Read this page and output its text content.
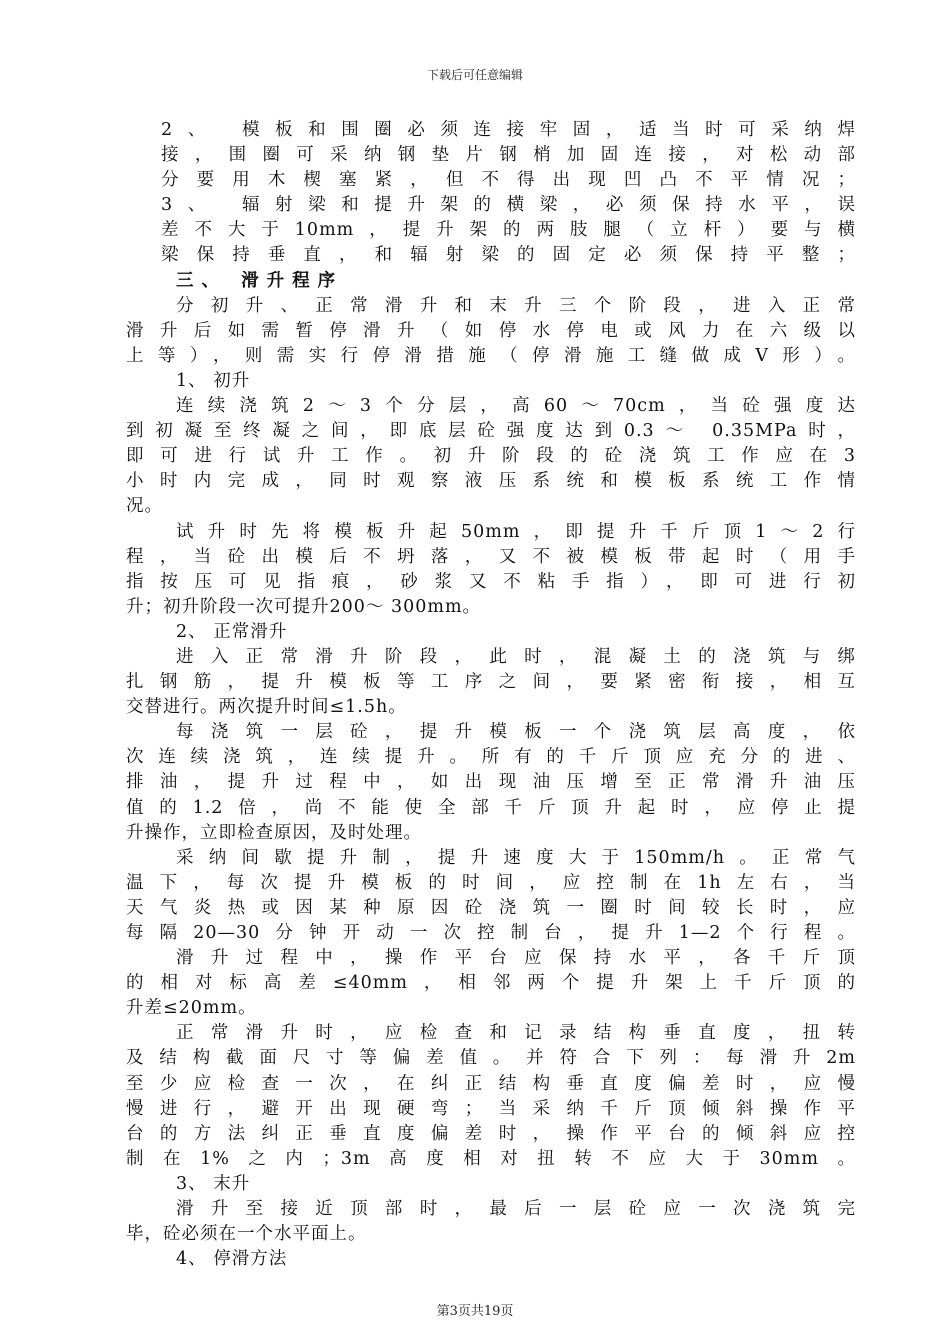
下载后可任意编辑
2、 模板和围圈必须连接牢固，适当时可采纳焊
接，围圈可采纳钢垫片钢梢加固连接，对松动部
分要用木楔塞紧，但不得出现凹凸不平情况；
3、 辐射梁和提升架的横梁，必须保持水平，误
差不大于10mm，提升架的两肢腿（立杆）要与横
梁保持垂直，和辐射梁的固定必须保持平整；
三、 滑升程序
分初升、正常滑升和末升三个阶段，进入正常
滑升后如需暂停滑升（如停水停电或风力在六级以
上等），则需实行停滑措施（停滑施工缝做成V形）。
1、 初升
连续浇筑2～3个分层，高60～70cm，当砼强度达
到初凝至终凝之间，即底层砼强度达到0.3～ 0.35MPa时，
即可进行试升工作。初升阶段的砼浇筑工作应在3
小时内完成，同时观察液压系统和模板系统工作情
况。
试升时先将模板升起50mm，即提升千斤顶1～2行
程，当砼出模后不坍落，又不被模板带起时（用手
指按压可见指痕，砂浆又不粘手指），即可进行初
升；初升阶段一次可提升200～ 300mm。
2、 正常滑升
进入正常滑升阶段，此时，混凝土的浇筑与绑
扎钢筋，提升模板等工序之间，要紧密衔接，相互
交替进行。两次提升时间≤1.5h。
每浇筑一层砼，提升模板一个浇筑层高度，依
次连续浇筑，连续提升。所有的千斤顶应充分的进、
排油，提升过程中，如出现油压增至正常滑升油压
值的1.2倍，尚不能使全部千斤顶升起时，应停止提
升操作，立即检查原因，及时处理。
采纳间歇提升制，提升速度大于150mm/h。正常气
温下，每次提升模板的时间，应控制在1h左右，当
天气炎热或因某种原因砼浇筑一圈时间较长时，应
每隔20—30分钟开动一次控制台，提升1—2个行程。
滑升过程中，操作平台应保持水平，各千斤顶
的相对标高差≤40mm，相邻两个提升架上千斤顶的
升差≤20mm。
正常滑升时，应检查和记录结构垂直度，扭转
及结构截面尺寸等偏差值。并符合下列：每滑升2m
至少应检查一次，在纠正结构垂直度偏差时，应慢
慢进行，避开出现硬弯；当采纳千斤顶倾斜操作平
台的方法纠正垂直度偏差时，操作平台的倾斜应控
制在1%之内；3m高度相对扭转不应大于30mm。
3、 末升
滑升至接近顶部时，最后一层砼应一次浇筑完
毕，砼必须在一个水平面上。
4、 停滑方法
第3页共19页
